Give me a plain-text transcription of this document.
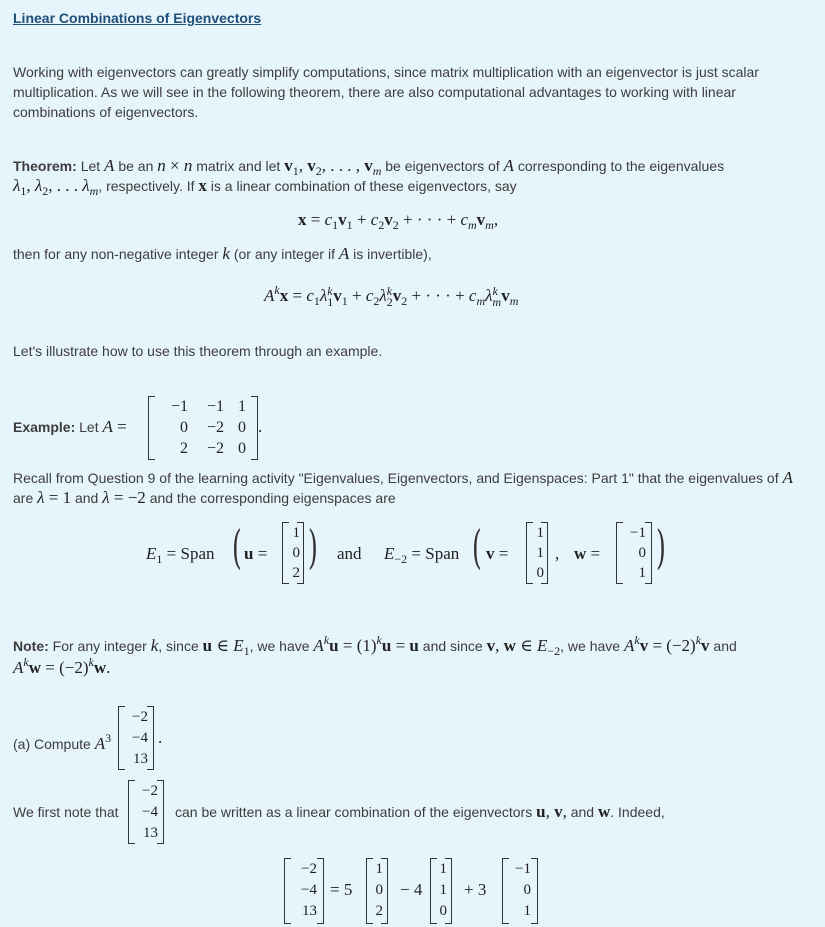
Linear Combinations of Eigenvectors
Working with eigenvectors can greatly simplify computations, since matrix multiplication with an eigenvector is just scalar
multiplication. As we will see in the following theorem, there are also computational advantages to working with linear
combinations of eigenvectors.
Theorem: Let A be an n × n matrix and let v1, v2, . . . , vm be eigenvectors of A corresponding to the eigenvalues
λ1, λ2, . . . λm, respectively. If x is a linear combination of these eigenvectors, say
x = c1v1 + c2v2 + · · · + cmvm,
then for any non-negative integer k (or any integer if A is invertible),
Akx = c1λk
1v1 + c2λk
2v2 + · · · + cmλk
mvm
Let's illustrate how to use this theorem through an example.
Example: Let A =
−1	−1 1
0	−2 0
2	−2 0
.
Recall from Question 9 of the learning activity "Eigenvalues, Eigenvectors, and Eigenspaces: Part 1" that the eigenvalues of A
are λ = 1 and λ = −2 and the corresponding eigenspaces are
$E_1$ = Span ( u =
1
0
2 ) and $E_{-2}$ = Span ( v =
1
1
0
, w =
−1
0
1 )
Note: For any integer k, since u ∈ E1, we have Aku = (1)ku = u and since v, w ∈ E−2, we have Akv = (−2)kv and
Akw = (−2)kw.
(a) Compute A3
−2
−4
13
.
We first note that
−2
−4
13
can be written as a linear combination of the eigenvectors u, v, and w. Indeed,
−2
−4
13
= 5
1
0
2
− 4
1
1
0
+ 3
−1
0
1
